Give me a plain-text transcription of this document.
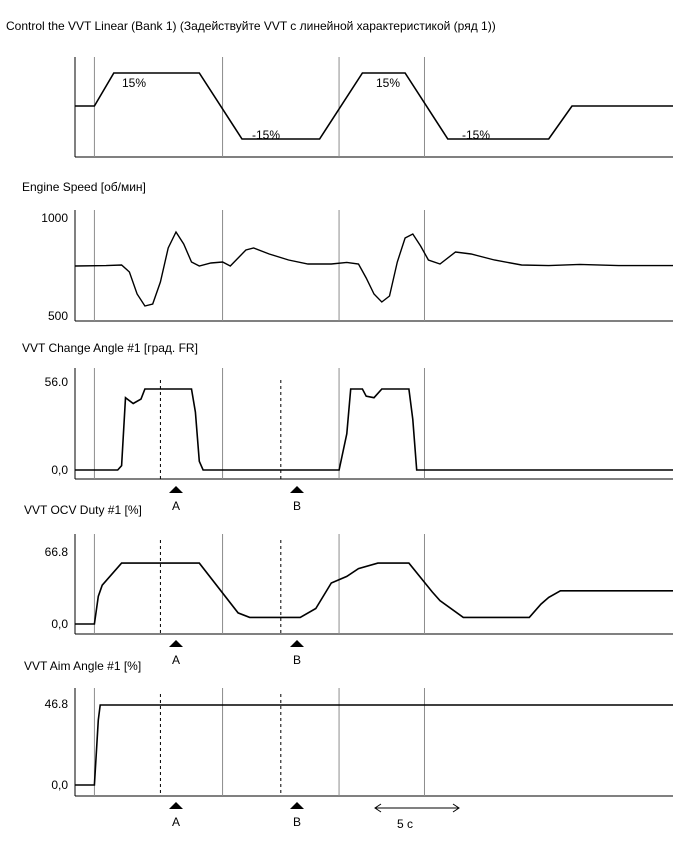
Control the VVT Linear (Bank 1) (Задействуйте VVT с линейной характеристикой (ряд 1))
15%
-15%
15%
-15%
Engine Speed [об/мин]
1000
500
VVT Change Angle #1 [град. FR]
56.0
0,0
A	B
VVT OCV Duty #1 [%]
66.8
0,0
A	B
VVT Aim Angle #1 [%]
46.8
0,0
A	B	5 c
